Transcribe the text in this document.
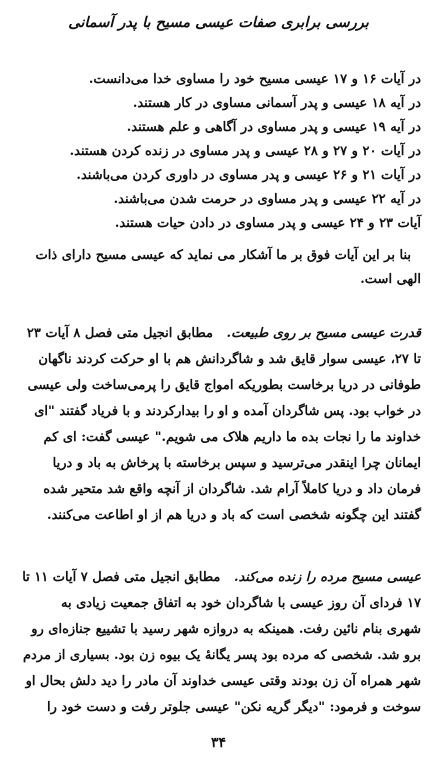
بررسی برابری صفات عیسی مسیح با پدر آسمانی
در آیات ۱۶ و ۱۷ عیسی مسیح خود را مساوی خدا می‌دانست.
در آیه ۱۸ عیسی و پدر آسمانی مساوی در کار هستند.
در آیه ۱۹ عیسی و پدر مساوی در آگاهی و علم هستند.
در آیات ۲۰ و ۲۷ و ۲۸ عیسی و پدر مساوی در زنده کردن هستند.
در آیات ۲۱ و ۲۶ عیسی و پدر مساوی در داوری کردن می‌باشند.
در آیه ۲۲ عیسی و پدر مساوی در حرمت شدن می‌باشند.
آیات ۲۳ و ۲۴ عیسی و پدر مساوی در دادن حیات هستند.
بنا بر این آیات فوق بر ما آشکار می نماید که عیسی مسیح دارای ذات
الهی است.
قدرت عیسی مسیح بر روی طبیعت.   مطابق انجیل متی فصل ۸ آیات ۲۳
تا ۲۷، عیسی سوار قایق شد و شاگردانش هم با او حرکت کردند ناگهان
طوفانی در دریا برخاست بطوریکه امواج قایق را پرمی‌ساخت ولی عیسی
در خواب بود. پس شاگردان آمده و او را بیدارکردند و با فریاد گفتند "ای
خداوند ما را نجات بده ما داریم هلاک می شویم." عیسی گفت: ای کم
ایمانان چرا اینقدر می‌ترسید و سپس برخاسته با پرخاش به باد و دریا
فرمان داد و دریا کاملاً آرام شد. شاگردان از آنچه واقع شد متحیر شده
گفتند این چگونه شخصی است که باد و دریا هم از او اطاعت می‌کنند.
عیسی مسیح مرده را زنده می‌کند.   مطابق انجیل متی فصل ۷ آیات ۱۱ تا
۱۷ فردای آن روز عیسی با شاگردان خود به اتفاق جمعیت زیادی به
شهری بنام نائین رفت. همینکه به دروازه شهر رسید با تشییع جنازه‌ای رو
برو شد. شخصی که مرده بود پسر یگانهٔ یک بیوه زن بود. بسیاری از مردم
شهر همراه آن زن بودند وقتی عیسی خداوند آن مادر را دید دلش بحال او
سوخت و فرمود: "دیگر گریه نکن" عیسی جلوتر رفت و دست خود را
۳۴
